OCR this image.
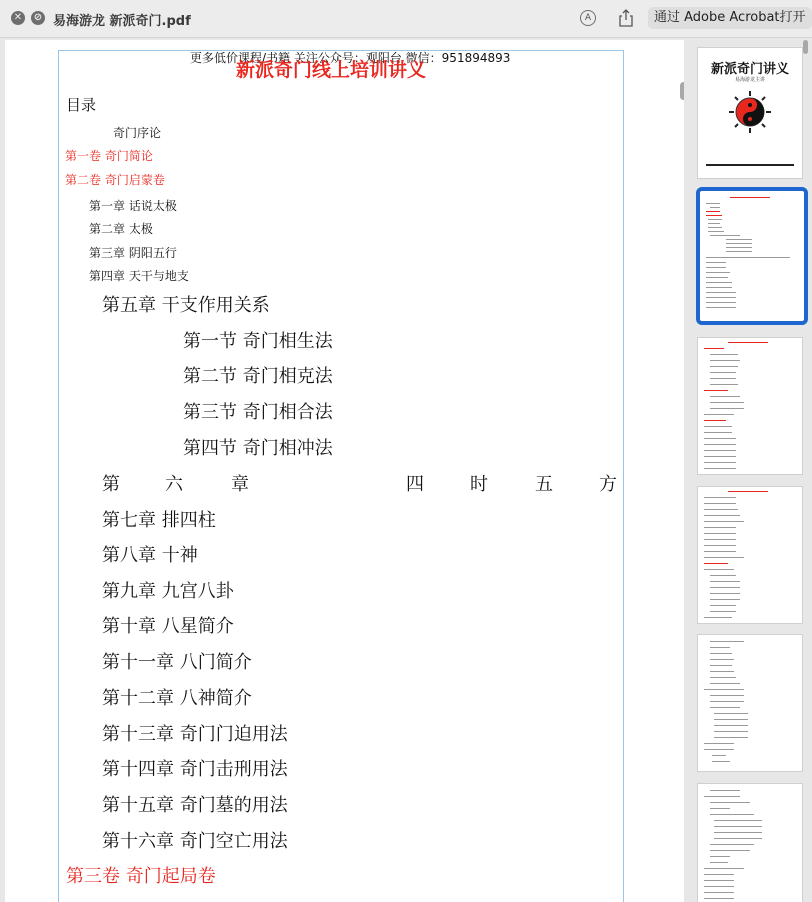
✕ ⊘ 易海游龙 新派奇门.pdf	A	通过 Adobe Acrobat打开
更多低价课程/书籍 关注公众号：观阳台 微信：951894893
新派奇门线上培训讲义
目录
奇门序论
第一卷 奇门简论
第二卷 奇门启蒙卷
第一章 话说太极
第二章 太极
第三章 阴阳五行
第四章 天干与地支
第五章 干支作用关系
第一节 奇门相生法
第二节 奇门相克法
第三节 奇门相合法
第四节 奇门相冲法
第	六	章	四	时	五	方
第七章 排四柱
第八章 十神
第九章 九宫八卦
第十章 八星简介
第十一章 八门简介
第十二章 八神简介
第十三章 奇门门迫用法
第十四章 奇门击刑用法
第十五章 奇门墓的用法
第十六章 奇门空亡用法
第三卷 奇门起局卷
新派奇门讲义
易海游龙主讲
